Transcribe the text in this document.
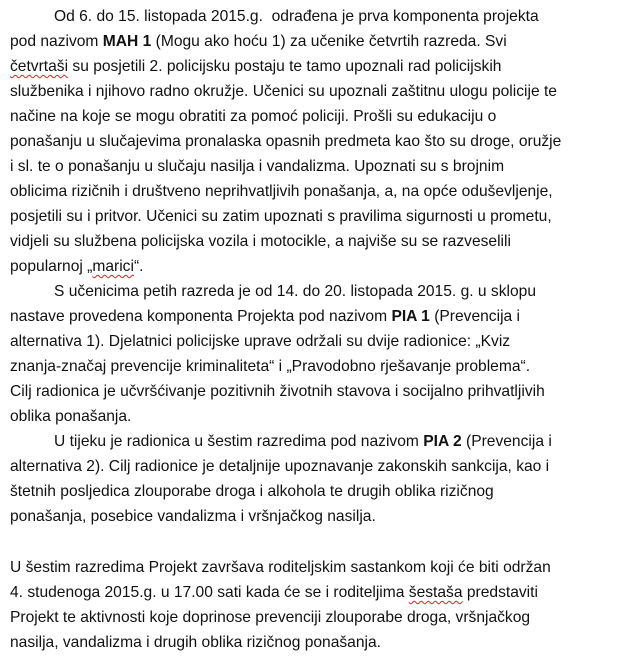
Od 6. do 15. listopada 2015.g. odrađena je prva komponenta projekta
pod nazivom MAH 1 (Mogu ako hoću 1) za učenike četvrtih razreda. Svi
četvrtaši su posjetili 2. policijsku postaju te tamo upoznali rad policijskih
službenika i njihovo radno okružje. Učenici su upoznali zaštitnu ulogu policije te
načine na koje se mogu obratiti za pomoć policiji. Prošli su edukaciju o
ponašanju u slučajevima pronalaska opasnih predmeta kao što su droge, oružje
i sl. te o ponašanju u slučaju nasilja i vandalizma. Upoznati su s brojnim
oblicima rizičnih i društveno neprihvatljivih ponašanja, a, na opće oduševljenje,
posjetili su i pritvor. Učenici su zatim upoznati s pravilima sigurnosti u prometu,
vidjeli su službena policijska vozila i motocikle, a najviše su se razveselili
popularnoj „marici“.
S učenicima petih razreda je od 14. do 20. listopada 2015. g. u sklopu
nastave provedena komponenta Projekta pod nazivom PIA 1 (Prevencija i
alternativa 1). Djelatnici policijske uprave održali su dvije radionice: „Kviz
znanja-značaj prevencije kriminaliteta“ i „Pravodobno rješavanje problema“.
Cilj radionica je učvršćivanje pozitivnih životnih stavova i socijalno prihvatljivih
oblika ponašanja.
U tijeku je radionica u šestim razredima pod nazivom PIA 2 (Prevencija i
alternativa 2). Cilj radionice je detaljnije upoznavanje zakonskih sankcija, kao i
štetnih posljedica zlouporabe droga i alkohola te drugih oblika rizičnog
ponašanja, posebice vandalizma i vršnjačkog nasilja.
U šestim razredima Projekt završava roditeljskim sastankom koji će biti održan
4. studenoga 2015.g. u 17.00 sati kada će se i roditeljima šestaša predstaviti
Projekt te aktivnosti koje doprinose prevenciji zlouporabe droga, vršnjačkog
nasilja, vandalizma i drugih oblika rizičnog ponašanja.
